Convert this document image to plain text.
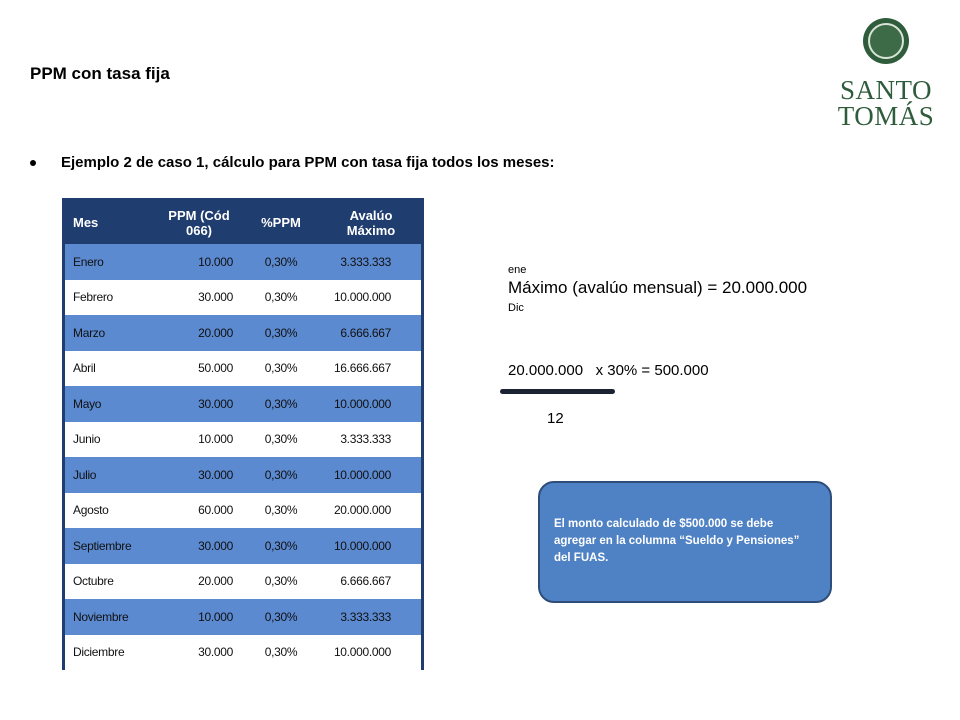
PPM con tasa fija
Ejemplo 2 de caso 1, cálculo para PPM con tasa fija todos los meses:
SANTO
TOMÁS
Mes	PPM (Cód 066)	%PPM	Avalúo Máximo
Enero	10.000	0,30%	3.333.333
Febrero	30.000	0,30%	10.000.000
Marzo	20.000	0,30%	6.666.667
Abril	50.000	0,30%	16.666.667
Mayo	30.000	0,30%	10.000.000
Junio	10.000	0,30%	3.333.333
Julio	30.000	0,30%	10.000.000
Agosto	60.000	0,30%	20.000.000
Septiembre	30.000	0,30%	10.000.000
Octubre	20.000	0,30%	6.666.667
Noviembre	10.000	0,30%	3.333.333
Diciembre	30.000	0,30%	10.000.000
ene
Máximo (avalúo mensual) = 20.000.000
Dic
20.000.000   x 30% = 500.000
12
El monto calculado de $500.000 se debe agregar en la columna “Sueldo y Pensiones” del FUAS.
